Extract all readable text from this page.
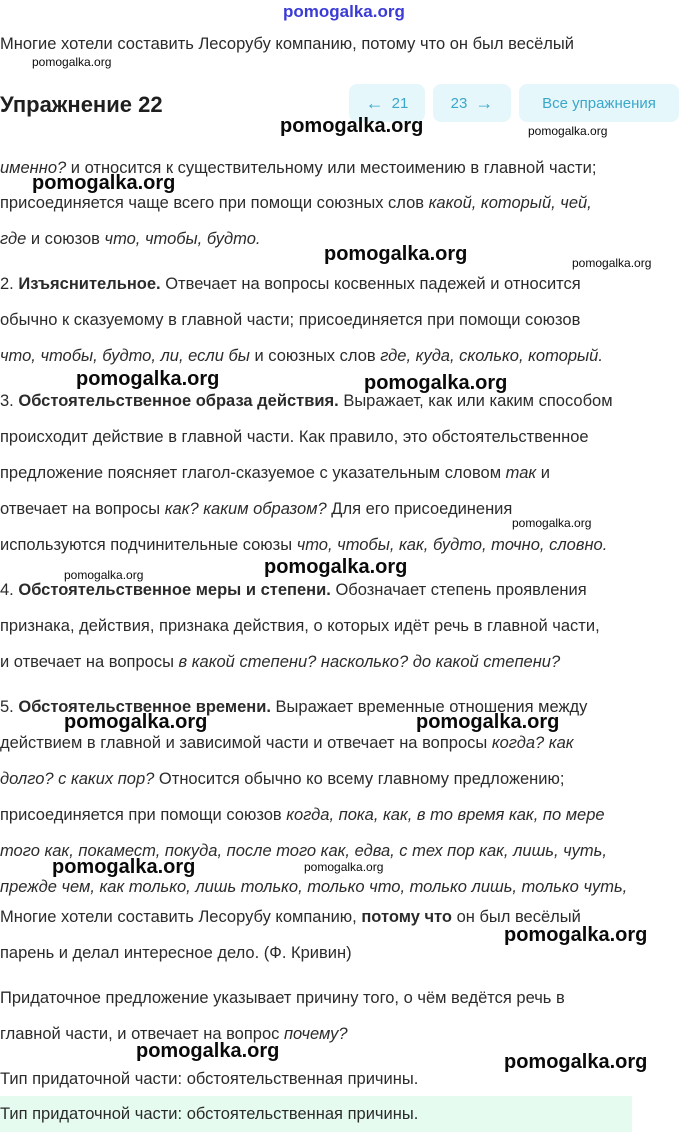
pomogalka.org
Многие хотели составить Лесорубу компанию, потому что он был весёлый
pomogalka.org
Упражнение 22	← 21	23 →	Все упражнения
pomogalka.org	pomogalka.org
именно? и относится к существительному или местоимению в главной части;
pomogalka.org
присоединяется чаще всего при помощи союзных слов какой, который, чей,
где и союзов что, чтобы, будто.
pomogalka.org	pomogalka.org
2. Изъяснительное. Отвечает на вопросы косвенных падежей и относится
обычно к сказуемому в главной части; присоединяется при помощи союзов
что, чтобы, будто, ли, если бы и союзных слов где, куда, сколько, который.
pomogalka.org	pomogalka.org
3. Обстоятельственное образа действия. Выражает, как или каким способом
происходит действие в главной части. Как правило, это обстоятельственное
предложение поясняет глагол-сказуемое с указательным словом так и
отвечает на вопросы как? каким образом? Для его присоединения
pomogalka.org
используются подчинительные союзы что, чтобы, как, будто, точно, словно.
pomogalka.org
pomogalka.org
4. Обстоятельственное меры и степени. Обозначает степень проявления
признака, действия, признака действия, о которых идёт речь в главной части,
и отвечает на вопросы в какой степени? насколько? до какой степени?
5. Обстоятельственное времени. Выражает временные отношения между
pomogalka.org	pomogalka.org
действием в главной и зависимой части и отвечает на вопросы когда? как
долго? с каких пор? Относится обычно ко всему главному предложению;
присоединяется при помощи союзов когда, пока, как, в то время как, по мере
того как, покамест, покуда, после того как, едва, с тех пор как, лишь, чуть,
pomogalka.org	pomogalka.org
прежде чем, как только, лишь только, только что, только лишь, только чуть,
Многие хотели составить Лесорубу компанию, потому что он был весёлый
pomogalka.org
парень и делал интересное дело. (Ф. Кривин)
Придаточное предложение указывает причину того, о чём ведётся речь в
главной части, и отвечает на вопрос почему?
pomogalka.org	pomogalka.org
Тип придаточной части: обстоятельственная причины.
Тип придаточной части: обстоятельственная причины.
